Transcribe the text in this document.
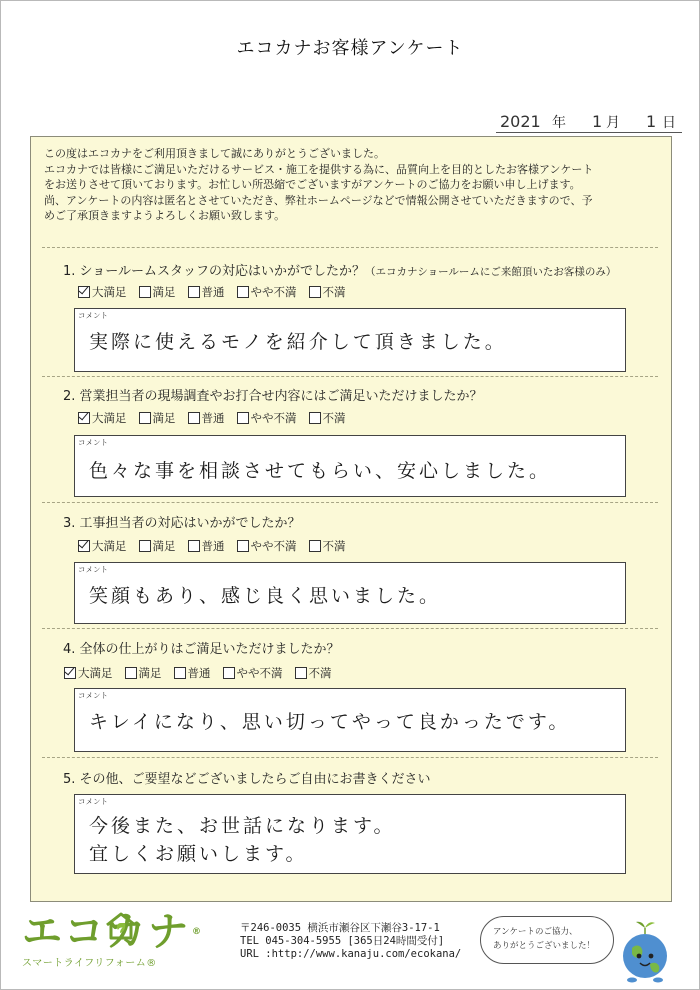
エコカナお客様アンケート
2021 年 1 月 1 日
この度はエコカナをご利用頂きまして誠にありがとうございました。
エコカナでは皆様にご満足いただけるサービス・施工を提供する為に、品質向上を目的としたお客様アンケート
をお送りさせて頂いております。お忙しい所恐縮でございますがアンケートのご協力をお願い申し上げます。
尚、アンケートの内容は匿名とさせていただき、弊社ホームページなどで情報公開させていただきますので、予
めご了承頂きますようよろしくお願い致します。
1. ショールームスタッフの対応はいかがでしたか？（エコカナショールームにご来館頂いたお客様のみ）
大満足 満足 普通 やや不満 不満
コメント
実際に使えるモノを紹介して頂きました。
2. 営業担当者の現場調査やお打合せ内容にはご満足いただけましたか？
大満足 満足 普通 やや不満 不満
コメント
色々な事を相談させてもらい、安心しました。
3. 工事担当者の対応はいかがでしたか？
大満足 満足 普通 やや不満 不満
コメント
笑顔もあり、感じ良く思いました。
4. 全体の仕上がりはご満足いただけましたか？
大満足 満足 普通 やや不満 不満
コメント
キレイになり、思い切ってやって良かったです。
5. その他、ご要望などございましたらご自由にお書きください
コメント
今後また、お世話になります。
宜しくお願いします。
エコカナ ®
スマートライフリフォーム®
〒246-0035 横浜市瀬谷区下瀬谷3-17-1
TEL 045-304-5955 [365日24時間受付]
URL :http://www.kanaju.com/ecokana/
アンケートのご協力、
ありがとうございました！
